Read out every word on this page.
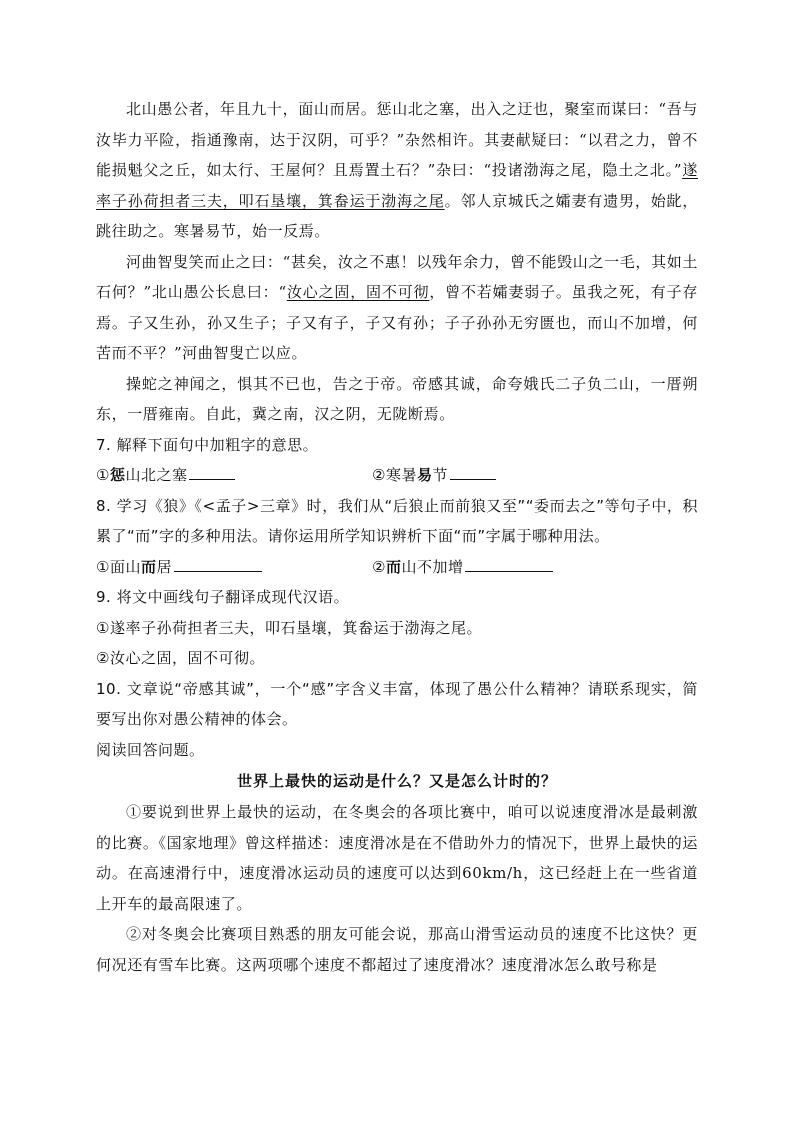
北山愚公者，年且九十，面山而居。惩山北之塞，出入之迂也，聚室而谋曰：“吾与汝毕力平险，指通豫南，达于汉阴，可乎？”杂然相许。其妻献疑曰：“以君之力，曾不能损魁父之丘，如太行、王屋何？且焉置土石？”杂曰：“投诸渤海之尾，隐土之北。”遂率子孙荷担者三夫，叩石垦壤，箕畚运于渤海之尾。邻人京城氏之孀妻有遗男，始龀，跳往助之。寒暑易节，始一反焉。

河曲智叟笑而止之曰：“甚矣，汝之不惠！以残年余力，曾不能毁山之一毛，其如土石何？”北山愚公长息曰：“汝心之固，固不可彻，曾不若孀妻弱子。虽我之死，有子存焉。子又生孙，孙又生子；子又有子，子又有孙；子子孙孙无穷匮也，而山不加增，何苦而不平？”河曲智叟亡以应。

操蛇之神闻之，惧其不已也，告之于帝。帝感其诚，命夸娥氏二子负二山，一厝朔东，一厝雍南。自此，冀之南，汉之阴，无陇断焉。

7. 解释下面句中加粗字的意思。

①惩山北之塞	②寒暑易节

8. 学习《狼》《<孟子>三章》时，我们从“后狼止而前狼又至”“委而去之”等句子中，积累了“而”字的多种用法。请你运用所学知识辨析下面“而”字属于哪种用法。

①面山而居	②而山不加增

9. 将文中画线句子翻译成现代汉语。

①遂率子孙荷担者三夫，叩石垦壤，箕畚运于渤海之尾。

②汝心之固，固不可彻。

10. 文章说“帝感其诚”，一个“感”字含义丰富，体现了愚公什么精神？请联系现实，简要写出你对愚公精神的体会。

阅读回答问题。

世界上最快的运动是什么？又是怎么计时的？

①要说到世界上最快的运动，在冬奥会的各项比赛中，咱可以说速度滑冰是最刺激的比赛。《国家地理》曾这样描述：速度滑冰是在不借助外力的情况下，世界上最快的运动。在高速滑行中，速度滑冰运动员的速度可以达到60km/h，这已经赶上在一些省道上开车的最高限速了。

②对冬奥会比赛项目熟悉的朋友可能会说，那高山滑雪运动员的速度不比这快？更何况还有雪车比赛。这两项哪个速度不都超过了速度滑冰？速度滑冰怎么敢号称是
